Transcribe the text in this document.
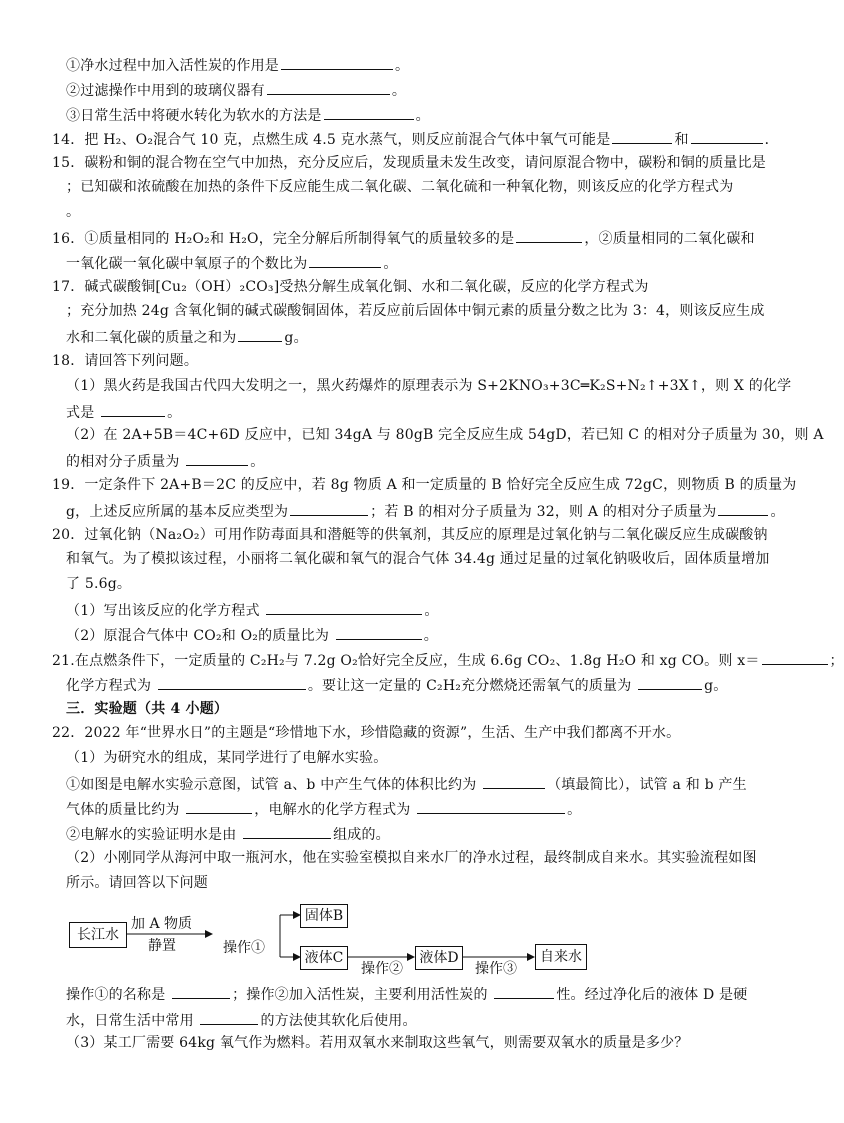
①净水过程中加入活性炭的作用是	。
②过滤操作中用到的玻璃仪器有	。
③日常生活中将硬水转化为软水的方法是	。
14．把 H₂、O₂混合气 10 克，点燃生成 4.5 克水蒸气，则反应前混合气体中氧气可能是	和	．
15．碳粉和铜的混合物在空气中加热，充分反应后，发现质量未发生改变，请问原混合物中，碳粉和铜的质量比是
；已知碳和浓硫酸在加热的条件下反应能生成二氧化碳、二氧化硫和一种氧化物，则该反应的化学方程式为
。
16．①质量相同的 H₂O₂和 H₂O，完全分解后所制得氧气的质量较多的是	，②质量相同的二氧化碳和
一氧化碳一氧化碳中氧原子的个数比为	。
17．碱式碳酸铜[Cu₂（OH）₂CO₃]受热分解生成氧化铜、水和二氧化碳，反应的化学方程式为
；充分加热 24g 含氧化铜的碱式碳酸铜固体，若反应前后固体中铜元素的质量分数之比为 3：4，则该反应生成
水和二氧化碳的质量之和为	g。
18．请回答下列问题。
（1）黑火药是我国古代四大发明之一，黑火药爆炸的原理表示为 S+2KNO₃+3C═K₂S+N₂↑+3X↑，则 X 的化学
式是	。
（2）在 2A+5B＝4C+6D 反应中，已知 34gA 与 80gB 完全反应生成 54gD，若已知 C 的相对分子质量为 30，则 A
的相对分子质量为	。
19．一定条件下 2A+B＝2C 的反应中，若 8g 物质 A 和一定质量的 B 恰好完全反应生成 72gC，则物质 B 的质量为
g，上述反应所属的基本反应类型为	；若 B 的相对分子质量为 32，则 A 的相对分子质量为	。
20．过氧化钠（Na₂O₂）可用作防毒面具和潜艇等的供氧剂，其反应的原理是过氧化钠与二氧化碳反应生成碳酸钠
和氧气。为了模拟该过程，小丽将二氧化碳和氧气的混合气体 34.4g 通过足量的过氧化钠吸收后，固体质量增加
了 5.6g。
（1）写出该反应的化学方程式	。
（2）原混合气体中 CO₂和 O₂的质量比为	。
21.在点燃条件下，一定质量的 C₂H₂与 7.2g O₂恰好完全反应，生成 6.6g CO₂、1.8g H₂O 和 xg CO。则 x＝	；
化学方程式为	。要让这一定量的 C₂H₂充分燃烧还需氧气的质量为	g。
三．实验题（共 4 小题）
22．2022 年“世界水日”的主题是“珍惜地下水，珍惜隐藏的资源”，生活、生产中我们都离不开水。
（1）为研究水的组成，某同学进行了电解水实验。
①如图是电解水实验示意图，试管 a、b 中产生气体的体积比约为	（填最简比），试管 a 和 b 产生
气体的质量比约为	，电解水的化学方程式为	。
②电解水的实验证明水是由	组成的。
（2）小刚同学从海河中取一瓶河水，他在实验室模拟自来水厂的净水过程，最终制成自来水。其实验流程如图
所示。请回答以下问题
长江水
加 A 物质
静置	操作①
固体B
液体C
操作②
液体D
操作③
自来水
操作①的名称是	；操作②加入活性炭，主要利用活性炭的	性。经过净化后的液体 D 是硬
水，日常生活中常用	的方法使其软化后使用。
（3）某工厂需要 64kg 氧气作为燃料。若用双氧水来制取这些氧气，则需要双氧水的质量是多少？
